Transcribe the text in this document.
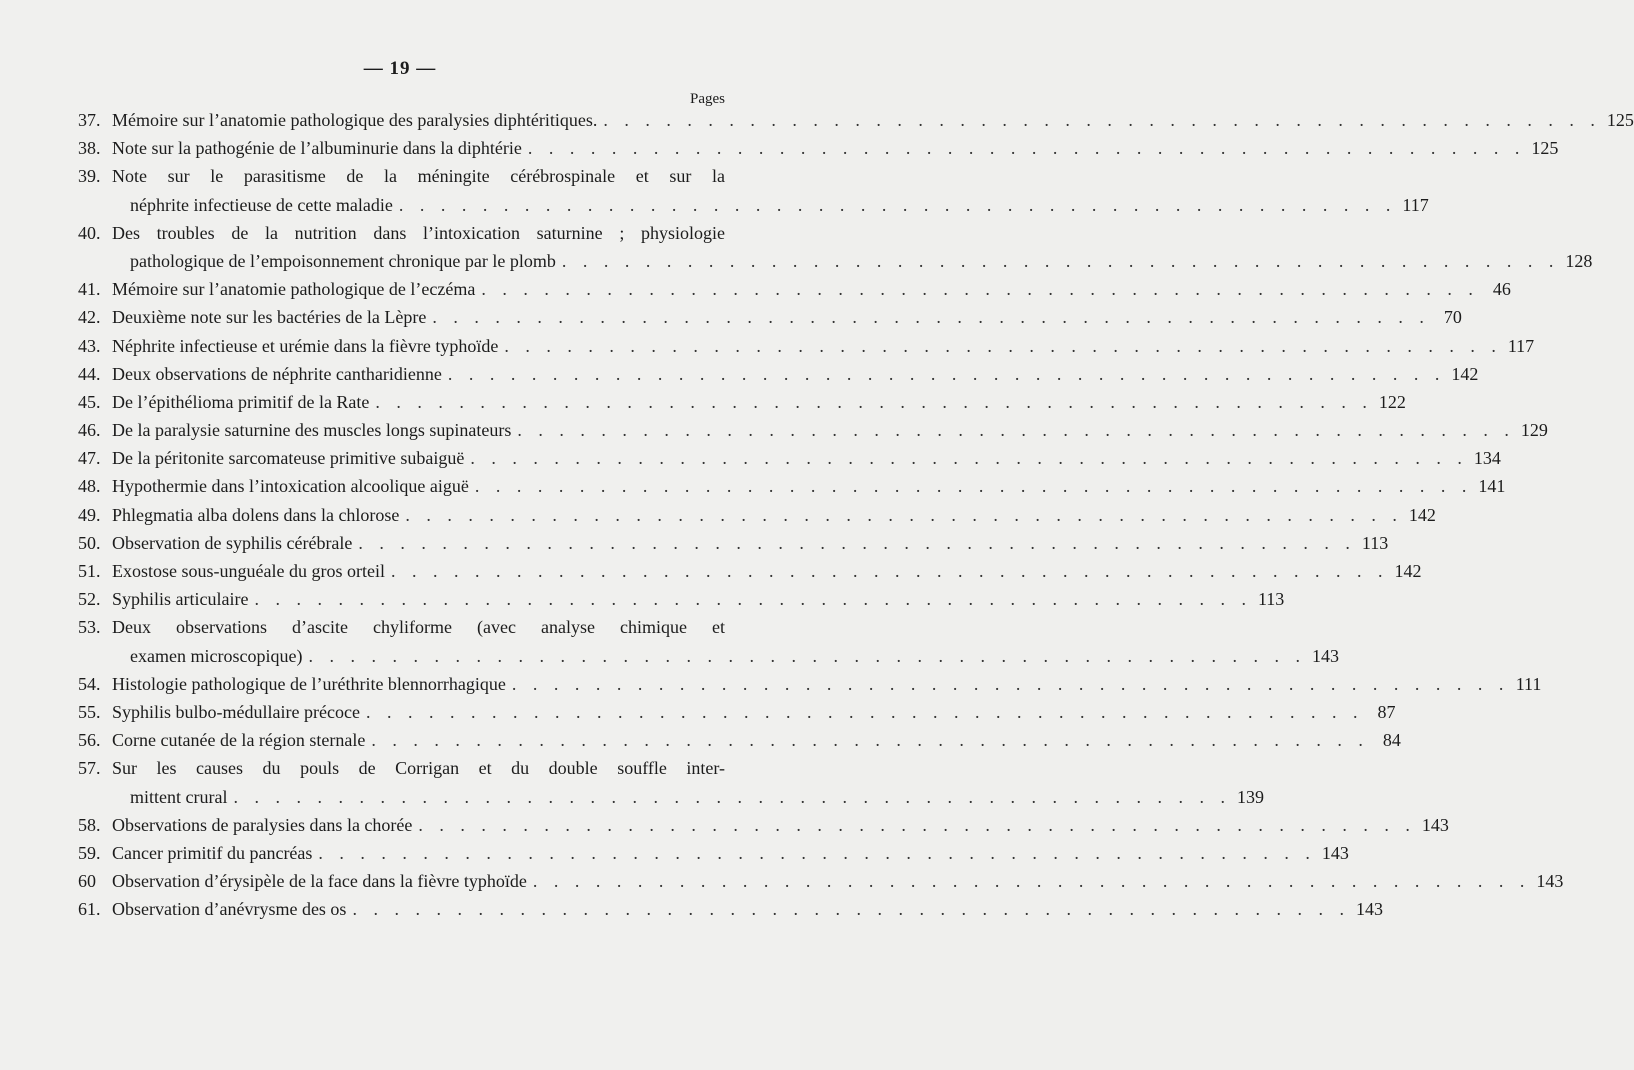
— 19 —
Pages
37. Mémoire sur l’anatomie pathologique des paralysies diphtéritiques. . . . . . . . . . . . . . . . . . . . . . . . . . . . . . . . . . . . . . . . . . . . . . . . . 125
38. Note sur la pathogénie de l’albuminurie dans la diphtérie . . . . . . . . . . . . . . . . . . . . . . . . . . . . . . . . . . . . . . . . . . . . . . . . 125
39. Note sur le parasitisme de la méningite cérébrospinale et sur la
néphrite infectieuse de cette maladie . . . . . . . . . . . . . . . . . . . . . . . . . . . . . . . . . . . . . . . . . . . . . . . . 117
40. Des troubles de la nutrition dans l’intoxication saturnine ; physiologie
pathologique de l’empoisonnement chronique par le plomb . . . . . . . . . . . . . . . . . . . . . . . . . . . . . . . . . . . . . . . . . . . . . . . . 128
41. Mémoire sur l’anatomie pathologique de l’eczéma . . . . . . . . . . . . . . . . . . . . . . . . . . . . . . . . . . . . . . . . . . . . . . . . 46
42. Deuxième note sur les bactéries de la Lèpre . . . . . . . . . . . . . . . . . . . . . . . . . . . . . . . . . . . . . . . . . . . . . . . . 70
43. Néphrite infectieuse et urémie dans la fièvre typhoïde . . . . . . . . . . . . . . . . . . . . . . . . . . . . . . . . . . . . . . . . . . . . . . . . 117
44. Deux observations de néphrite cantharidienne . . . . . . . . . . . . . . . . . . . . . . . . . . . . . . . . . . . . . . . . . . . . . . . . 142
45. De l’épithélioma primitif de la Rate . . . . . . . . . . . . . . . . . . . . . . . . . . . . . . . . . . . . . . . . . . . . . . . . 122
46. De la paralysie saturnine des muscles longs supinateurs . . . . . . . . . . . . . . . . . . . . . . . . . . . . . . . . . . . . . . . . . . . . . . . . 129
47. De la péritonite sarcomateuse primitive subaiguë . . . . . . . . . . . . . . . . . . . . . . . . . . . . . . . . . . . . . . . . . . . . . . . . 134
48. Hypothermie dans l’intoxication alcoolique aiguë . . . . . . . . . . . . . . . . . . . . . . . . . . . . . . . . . . . . . . . . . . . . . . . . 141
49. Phlegmatia alba dolens dans la chlorose . . . . . . . . . . . . . . . . . . . . . . . . . . . . . . . . . . . . . . . . . . . . . . . . 142
50. Observation de syphilis cérébrale . . . . . . . . . . . . . . . . . . . . . . . . . . . . . . . . . . . . . . . . . . . . . . . . 113
51. Exostose sous-unguéale du gros orteil . . . . . . . . . . . . . . . . . . . . . . . . . . . . . . . . . . . . . . . . . . . . . . . . 142
52. Syphilis articulaire . . . . . . . . . . . . . . . . . . . . . . . . . . . . . . . . . . . . . . . . . . . . . . . . 113
53. Deux observations d’ascite chyliforme (avec analyse chimique et
examen microscopique) . . . . . . . . . . . . . . . . . . . . . . . . . . . . . . . . . . . . . . . . . . . . . . . . 143
54. Histologie pathologique de l’uréthrite blennorrhagique . . . . . . . . . . . . . . . . . . . . . . . . . . . . . . . . . . . . . . . . . . . . . . . . 111
55. Syphilis bulbo-médullaire précoce . . . . . . . . . . . . . . . . . . . . . . . . . . . . . . . . . . . . . . . . . . . . . . . . 87
56. Corne cutanée de la région sternale . . . . . . . . . . . . . . . . . . . . . . . . . . . . . . . . . . . . . . . . . . . . . . . . 84
57. Sur les causes du pouls de Corrigan et du double souffle inter-
mittent crural . . . . . . . . . . . . . . . . . . . . . . . . . . . . . . . . . . . . . . . . . . . . . . . . 139
58. Observations de paralysies dans la chorée . . . . . . . . . . . . . . . . . . . . . . . . . . . . . . . . . . . . . . . . . . . . . . . . 143
59. Cancer primitif du pancréas . . . . . . . . . . . . . . . . . . . . . . . . . . . . . . . . . . . . . . . . . . . . . . . . 143
60 Observation d’érysipèle de la face dans la fièvre typhoïde . . . . . . . . . . . . . . . . . . . . . . . . . . . . . . . . . . . . . . . . . . . . . . . . 143
61. Observation d’anévrysme des os . . . . . . . . . . . . . . . . . . . . . . . . . . . . . . . . . . . . . . . . . . . . . . . . 143
